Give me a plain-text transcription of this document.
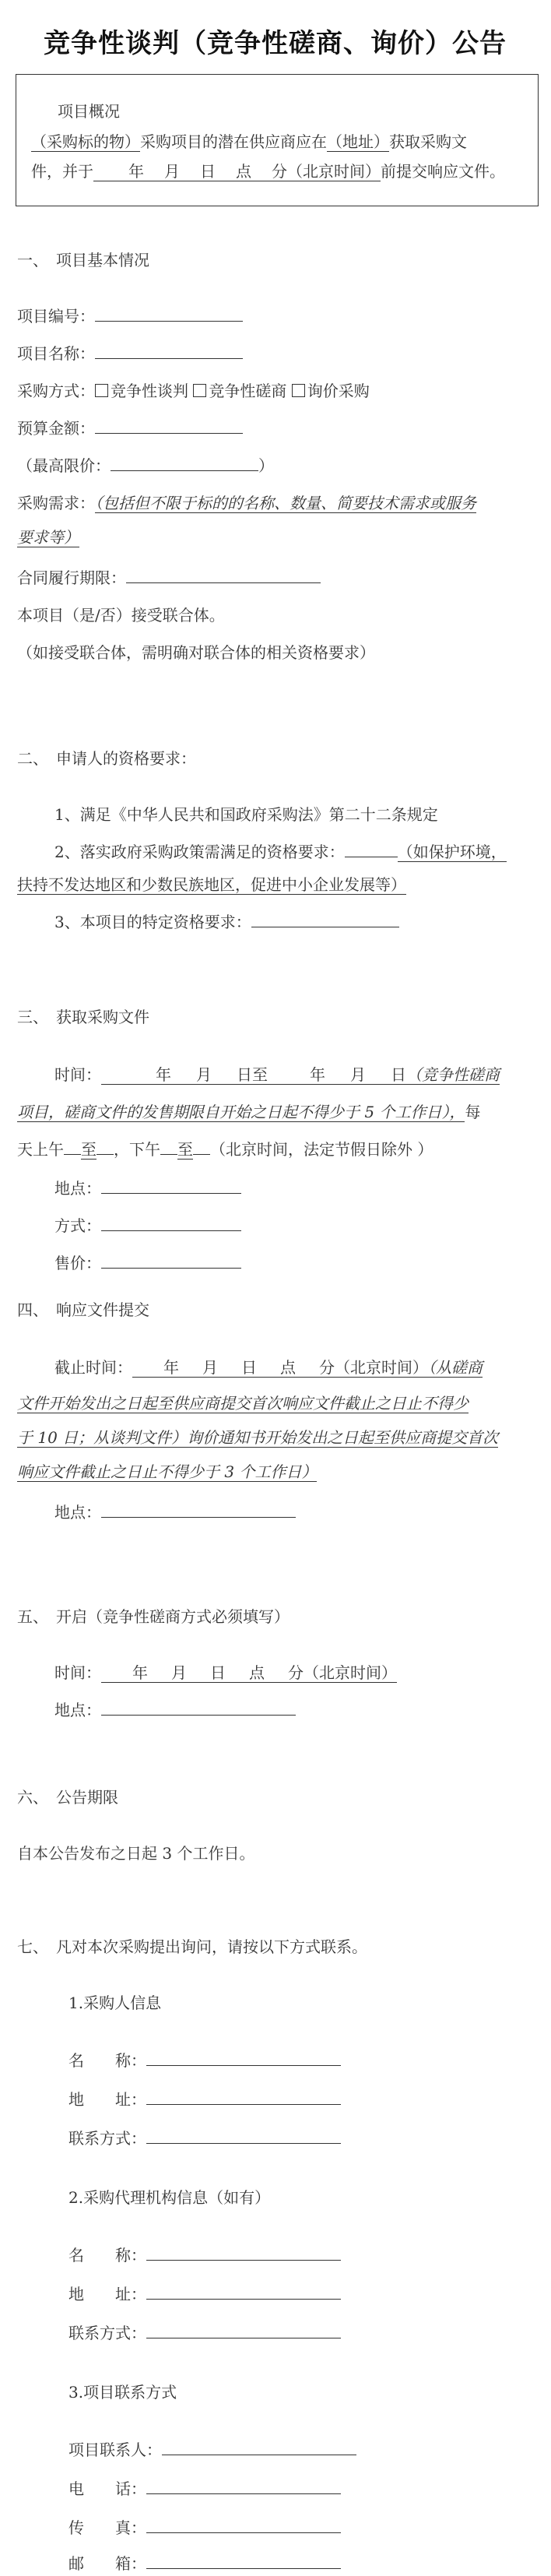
竞争性谈判（竞争性磋商、询价）公告
项目概况
（采购标的物）采购项目的潜在供应商应在（地址）获取采购文
件，并于 年 月 日 点 分（北京时间）前提交响应文件。
一、　项目基本情况
项目编号：
项目名称：
采购方式： 竞争性谈判 竞争性磋商 询价采购
预算金额：
（最高限价：	）
采购需求：（包括但不限于标的的名称、数量、简要技术需求或服务
要求等）
合同履行期限：
本项目（是/否）接受联合体。
（如接受联合体，需明确对联合体的相关资格要求）
二、　申请人的资格要求：
1、满足《中华人民共和国政府采购法》第二十二条规定
2、落实政府采购政策需满足的资格要求：	（如保护环境，
扶持不发达地区和少数民族地区，促进中小企业发展等）
3、本项目的特定资格要求：
三、　获取采购文件
时间：	年 月 日至	年 月 日（竞争性磋商
项目，磋商文件的发售期限自开始之日起不得少于 5 个工作日），每
天上午 至 ，下午 至 （北京时间，法定节假日除外 ）
地点：
方式：
售价：
四、　响应文件提交
截止时间： 年 月 日 点 分（北京时间）（从磋商
文件开始发出之日起至供应商提交首次响应文件截止之日止不得少
于 10 日；从谈判文件）询价通知书开始发出之日起至供应商提交首次
响应文件截止之日止不得少于 3 个工作日）
地点：
五、　开启（竞争性磋商方式必须填写）
时间： 年 月 日 点 分（北京时间）
地点：
六、　公告期限
自本公告发布之日起 3 个工作日。
七、　凡对本次采购提出询问，请按以下方式联系。
1.采购人信息
名　　称：
地　　址：
联系方式：
2.采购代理机构信息（如有）
名　　称：
地　　址：
联系方式：
3.项目联系方式
项目联系人：
电　　话：
传　　真：
邮　　箱：
